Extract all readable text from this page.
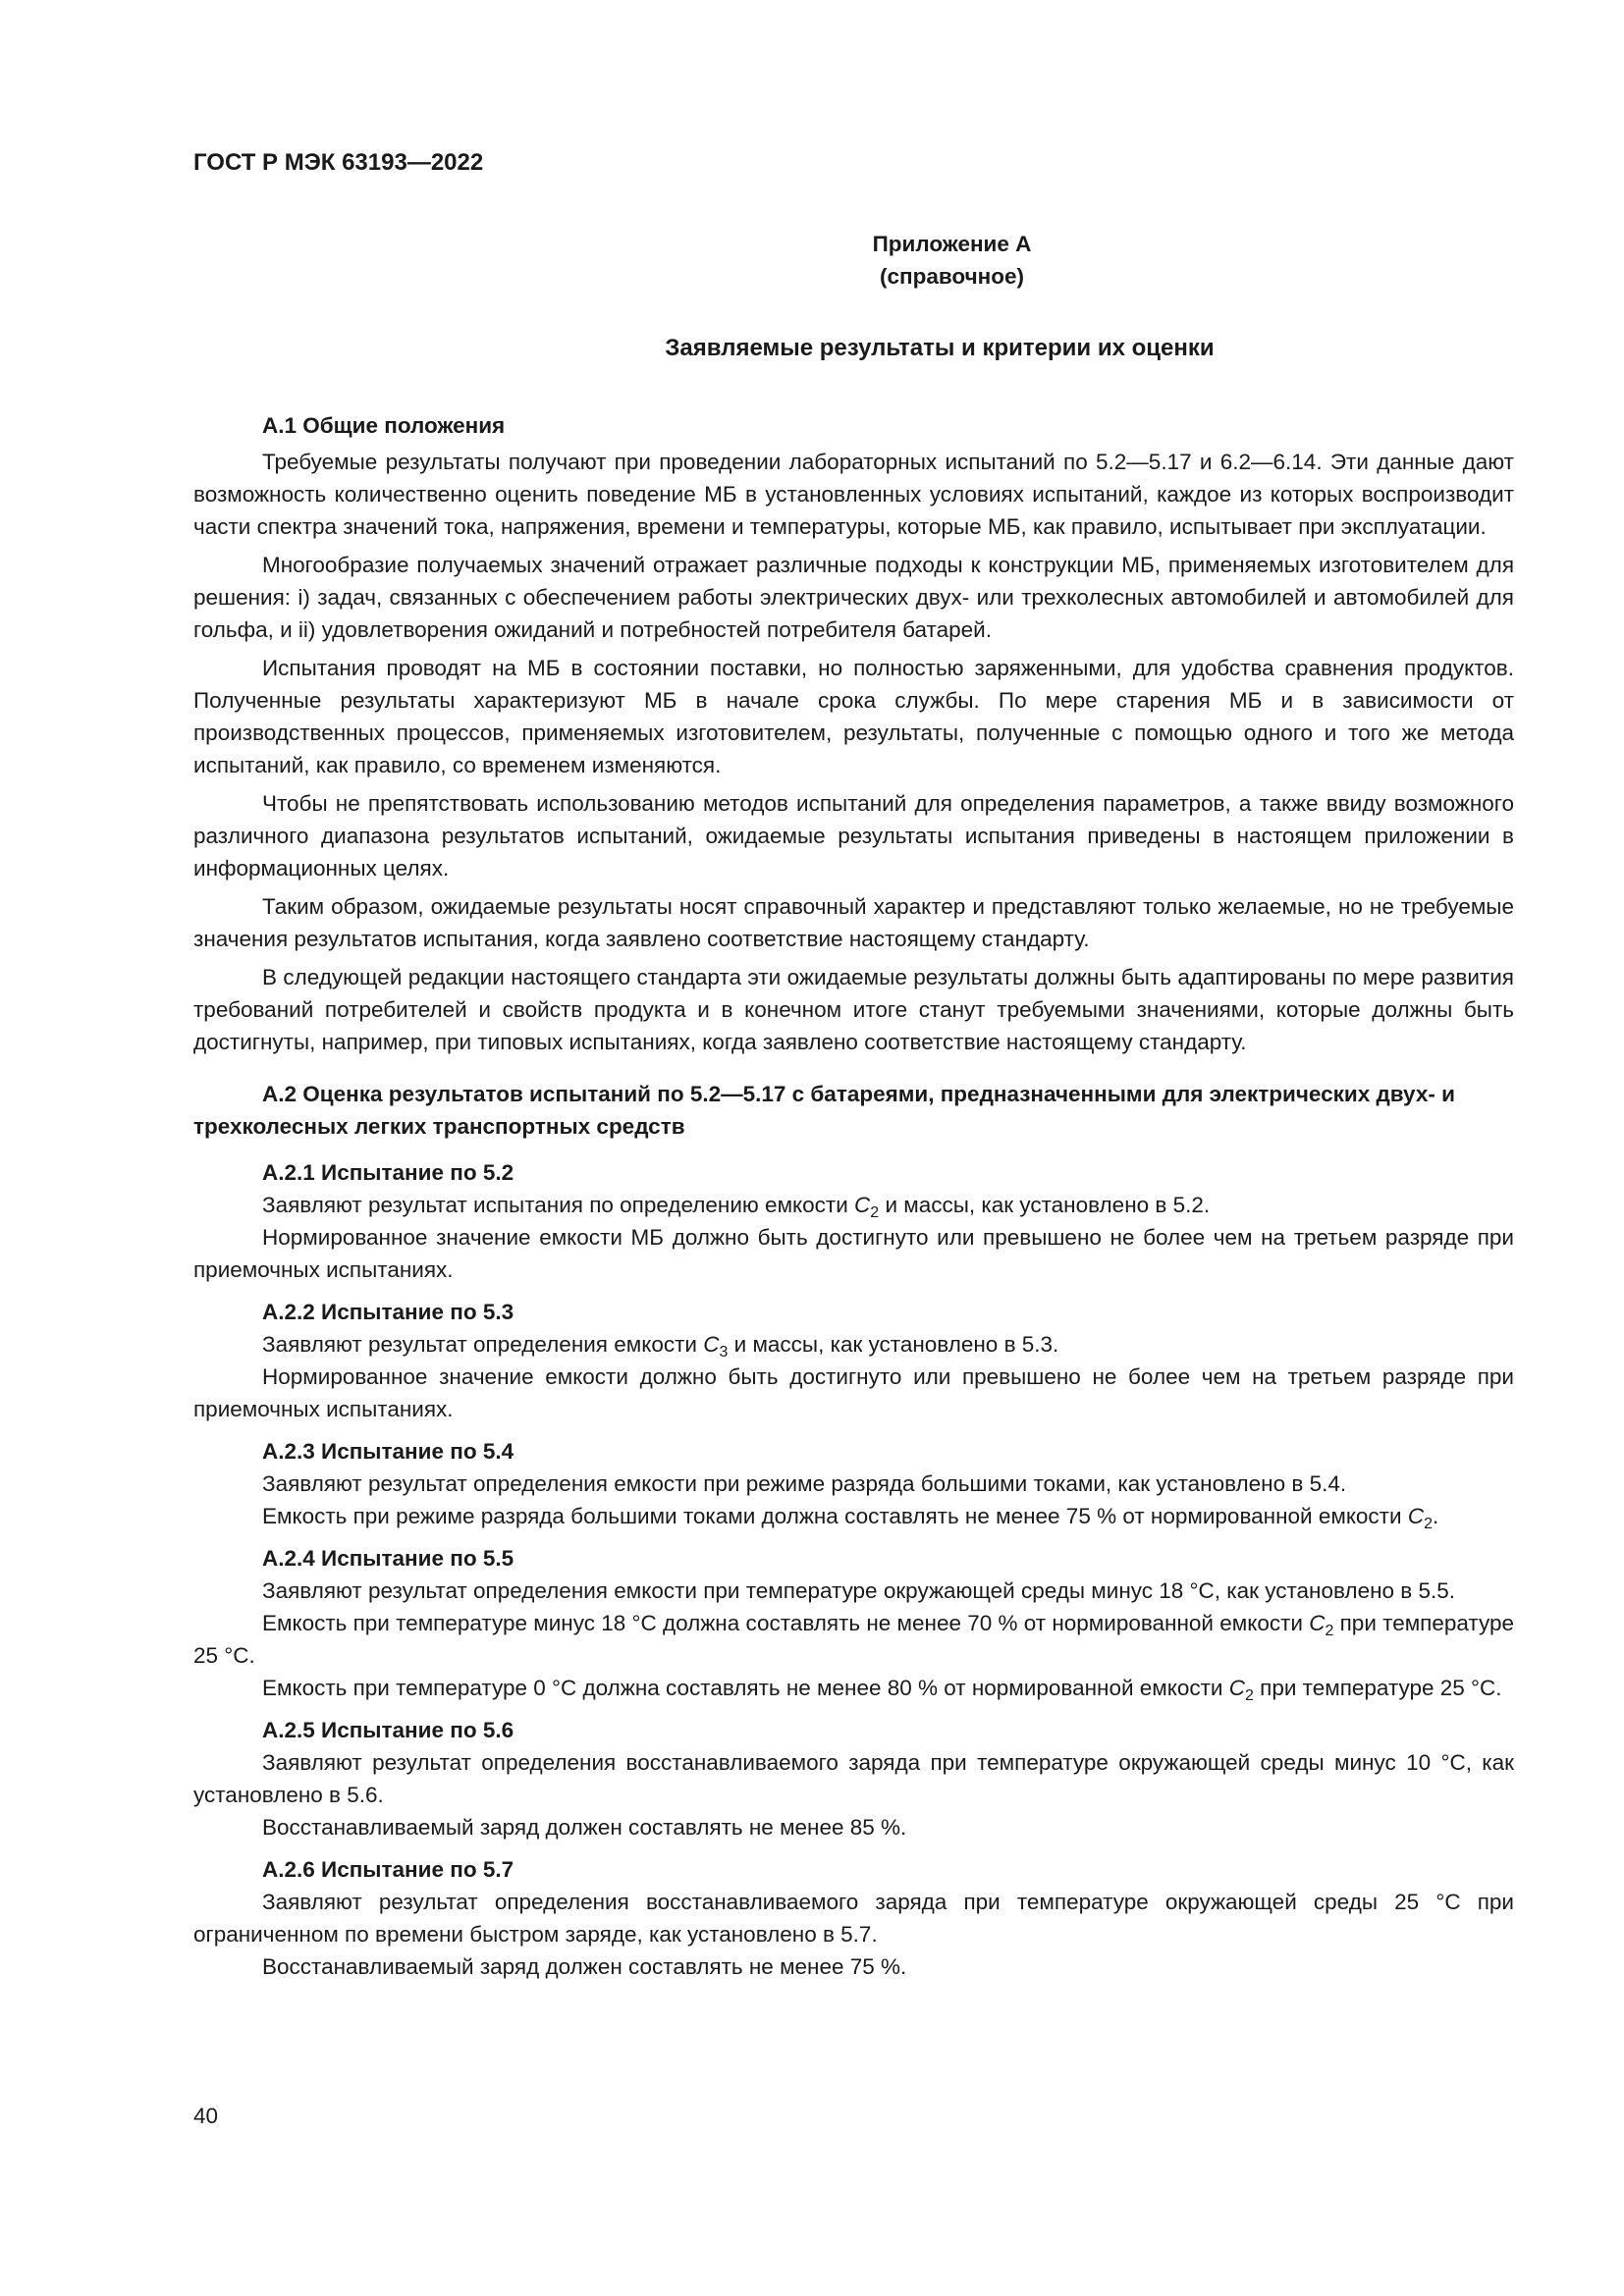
ГОСТ Р МЭК 63193—2022

Приложение А

(справочное)

Заявляемые результаты и критерии их оценки

А.1 Общие положения

Требуемые результаты получают при проведении лабораторных испытаний по 5.2—5.17 и 6.2—6.14. Эти данные дают возможность количественно оценить поведение МБ в установленных условиях испытаний, каждое из которых воспроизводит части спектра значений тока, напряжения, времени и температуры, которые МБ, как правило, испытывает при эксплуатации.

Многообразие получаемых значений отражает различные подходы к конструкции МБ, применяемых изготовителем для решения: i) задач, связанных с обеспечением работы электрических двух- или трехколесных автомобилей и автомобилей для гольфа, и ii) удовлетворения ожиданий и потребностей потребителя батарей.

Испытания проводят на МБ в состоянии поставки, но полностью заряженными, для удобства сравнения продуктов. Полученные результаты характеризуют МБ в начале срока службы. По мере старения МБ и в зависимости от производственных процессов, применяемых изготовителем, результаты, полученные с помощью одного и того же метода испытаний, как правило, со временем изменяются.

Чтобы не препятствовать использованию методов испытаний для определения параметров, а также ввиду возможного различного диапазона результатов испытаний, ожидаемые результаты испытания приведены в настоящем приложении в информационных целях.

Таким образом, ожидаемые результаты носят справочный характер и представляют только желаемые, но не требуемые значения результатов испытания, когда заявлено соответствие настоящему стандарту.

В следующей редакции настоящего стандарта эти ожидаемые результаты должны быть адаптированы по мере развития требований потребителей и свойств продукта и в конечном итоге станут требуемыми значениями, которые должны быть достигнуты, например, при типовых испытаниях, когда заявлено соответствие настоящему стандарту.

А.2 Оценка результатов испытаний по 5.2—5.17 с батареями, предназначенными для электрических двух- и трехколесных легких транспортных средств

А.2.1 Испытание по 5.2

Заявляют результат испытания по определению емкости $C_2$ и массы, как установлено в 5.2.

Нормированное значение емкости МБ должно быть достигнуто или превышено не более чем на третьем разряде при приемочных испытаниях.

А.2.2 Испытание по 5.3

Заявляют результат определения емкости $C_3$ и массы, как установлено в 5.3.

Нормированное значение емкости должно быть достигнуто или превышено не более чем на третьем разряде при приемочных испытаниях.

А.2.3 Испытание по 5.4

Заявляют результат определения емкости при режиме разряда большими токами, как установлено в 5.4.

Емкость при режиме разряда большими токами должна составлять не менее 75 % от нормированной емкости $C_2$.

А.2.4 Испытание по 5.5

Заявляют результат определения емкости при температуре окружающей среды минус 18 °С, как установлено в 5.5.

Емкость при температуре минус 18 °С должна составлять не менее 70 % от нормированной емкости $C_2$ при температуре 25 °С.

Емкость при температуре 0 °С должна составлять не менее 80 % от нормированной емкости $C_2$ при температуре 25 °С.

А.2.5 Испытание по 5.6

Заявляют результат определения восстанавливаемого заряда при температуре окружающей среды минус 10 °С, как установлено в 5.6.

Восстанавливаемый заряд должен составлять не менее 85 %.

А.2.6 Испытание по 5.7

Заявляют результат определения восстанавливаемого заряда при температуре окружающей среды 25 °С при ограниченном по времени быстром заряде, как установлено в 5.7.

Восстанавливаемый заряд должен составлять не менее 75 %.

40
